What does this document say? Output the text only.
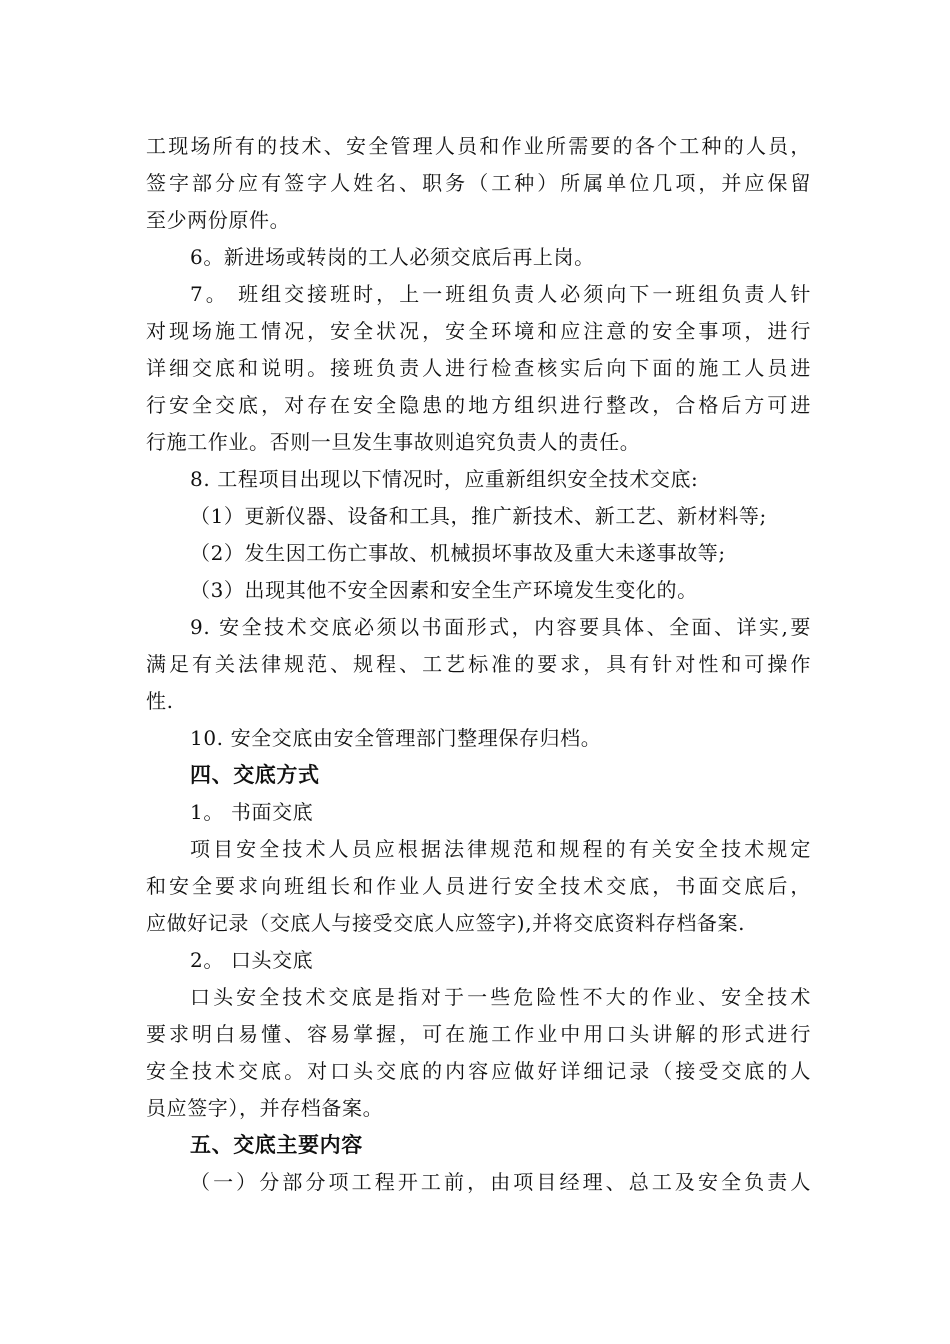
工现场所有的技术、安全管理人员和作业所需要的各个工种的人员，
签字部分应有签字人姓名、职务（工种）所属单位几项，并应保留
至少两份原件。
6。新进场或转岗的工人必须交底后再上岗。
7。 班组交接班时，上一班组负责人必须向下一班组负责人针
对现场施工情况，安全状况，安全环境和应注意的安全事项，进行
详细交底和说明。接班负责人进行检查核实后向下面的施工人员进
行安全交底，对存在安全隐患的地方组织进行整改，合格后方可进
行施工作业。否则一旦发生事故则追究负责人的责任。
8. 工程项目出现以下情况时，应重新组织安全技术交底:
（1）更新仪器、设备和工具，推广新技术、新工艺、新材料等;
（2）发生因工伤亡事故、机械损坏事故及重大未遂事故等;
（3）出现其他不安全因素和安全生产环境发生变化的。
9. 安全技术交底必须以书面形式，内容要具体、全面、详实,要
满足有关法律规范、规程、工艺标准的要求，具有针对性和可操作
性.
10. 安全交底由安全管理部门整理保存归档。
四、交底方式
1。 书面交底
项目安全技术人员应根据法律规范和规程的有关安全技术规定
和安全要求向班组长和作业人员进行安全技术交底，书面交底后，
应做好记录（交底人与接受交底人应签字),并将交底资料存档备案.
2。 口头交底
口头安全技术交底是指对于一些危险性不大的作业、安全技术
要求明白易懂、容易掌握，可在施工作业中用口头讲解的形式进行
安全技术交底。对口头交底的内容应做好详细记录（接受交底的人
员应签字），并存档备案。
五、交底主要内容
（一）分部分项工程开工前，由项目经理、总工及安全负责人
